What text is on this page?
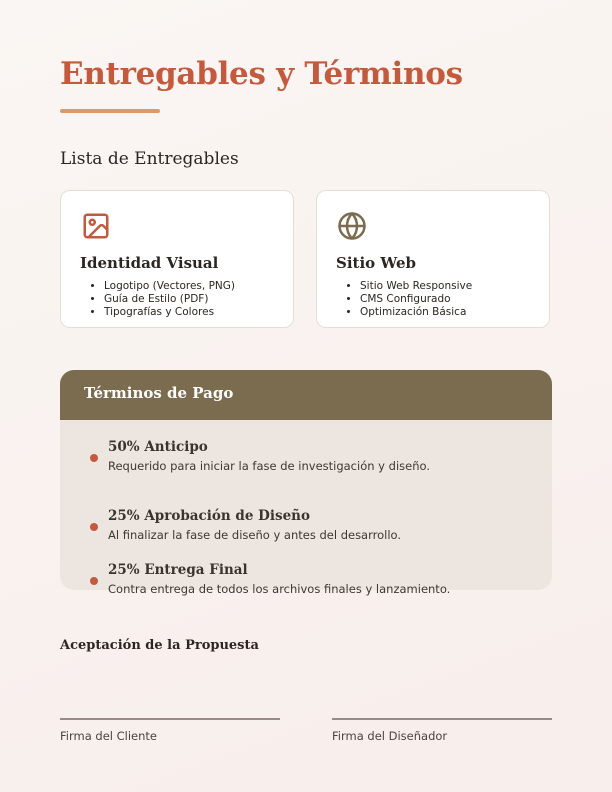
Entregables y Términos
Lista de Entregables
Identidad Visual
• Logotipo (Vectores, PNG)
• Guía de Estilo (PDF)
• Tipografías y Colores
Sitio Web
• Sitio Web Responsive
• CMS Configurado
• Optimización Básica
Términos de Pago

50% Anticipo

Requerido para iniciar la fase de investigación y diseño.

25% Aprobación de Diseño

Al finalizar la fase de diseño y antes del desarrollo.

25% Entrega Final

Contra entrega de todos los archivos finales y lanzamiento.

Aceptación de la Propuesta
Firma del Cliente	Firma del Diseñador
